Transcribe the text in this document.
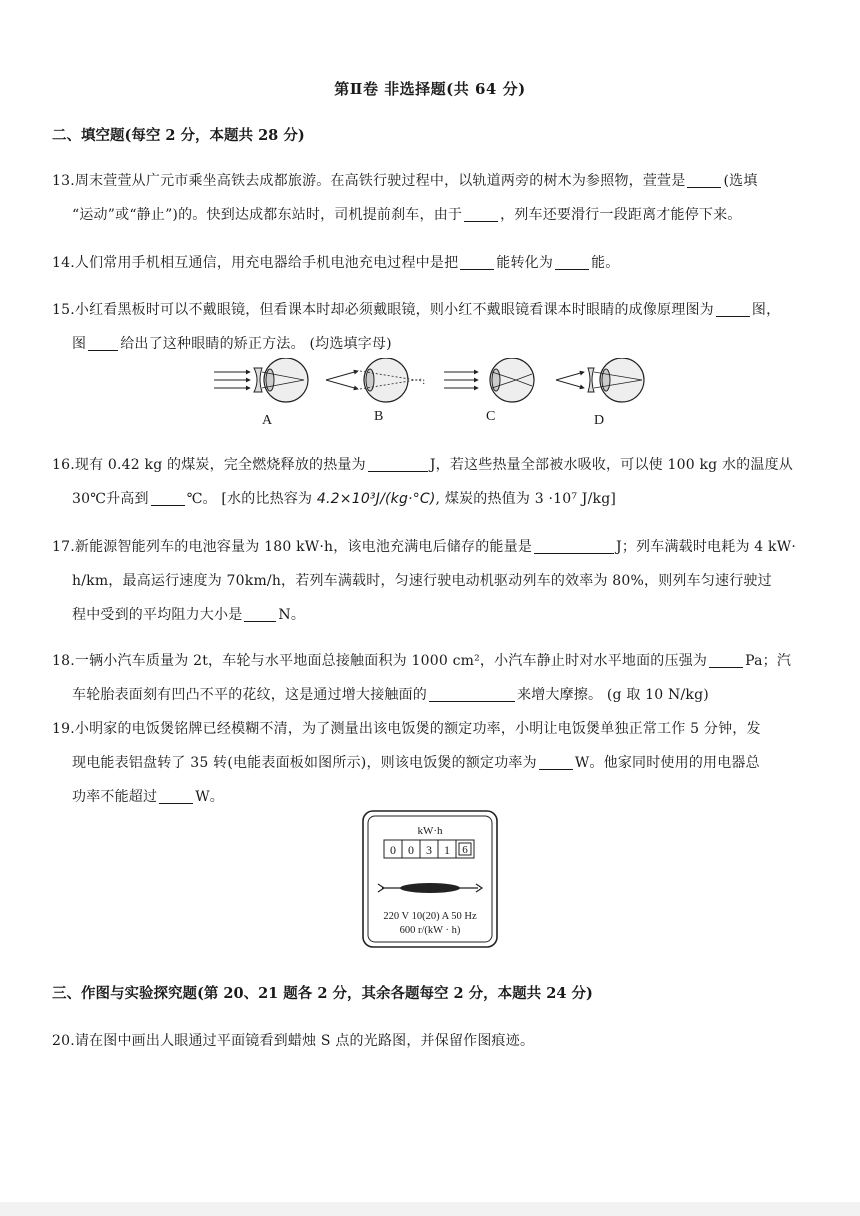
第Ⅱ卷 非选择题(共 64 分)
二、填空题(每空 2 分，本题共 28 分)
13.周末萱萱从广元市乘坐高铁去成都旅游。在高铁行驶过程中，以轨道两旁的树木为参照物，萱萱是	(选填
“运动”或“静止”)的。快到达成都东站时，司机提前刹车，由于	，列车还要滑行一段距离才能停下来。
14.人们常用手机相互通信，用充电器给手机电池充电过程中是把	能转化为	能。
15.小红看黑板时可以不戴眼镜，但看课本时却必须戴眼镜，则小红不戴眼镜看课本时眼睛的成像原理图为	图，
图 给出了这种眼睛的矫正方法。 (均选填字母)
:
A	B	C	D
16.现有 0.42 kg 的煤炭，完全燃烧释放的热量为	J，若这些热量全部被水吸收，可以使 100 kg 水的温度从
30℃升高到	℃。 [水的比热容为 4.2×10³J/(kg·°C), 煤炭的热值为 3 ·10⁷ J/kg]
17.新能源智能列车的电池容量为 180 kW·h，该电池充满电后储存的能量是	J；列车满载时电耗为 4 kW·
h/km，最高运行速度为 70km/h，若列车满载时，匀速行驶电动机驱动列车的效率为 80%，则列车匀速行驶过
程中受到的平均阻力大小是	N。
18.一辆小汽车质量为 2t，车轮与水平地面总接触面积为 1000 cm²，小汽车静止时对水平地面的压强为	Pa；汽
车轮胎表面刻有凹凸不平的花纹，这是通过增大接触面的	来增大摩擦。 (g 取 10 N/kg)
19.小明家的电饭煲铭牌已经模糊不清，为了测量出该电饭煲的额定功率，小明让电饭煲单独正常工作 5 分钟，发
现电能表铝盘转了 35 转(电能表面板如图所示)，则该电饭煲的额定功率为	W。他家同时使用的用电器总
功率不能超过	W。
kW·h
0 0 3 1 6
220 V 10(20) A 50 Hz
600 r/(kW · h)
三、作图与实验探究题(第 20、21 题各 2 分，其余各题每空 2 分，本题共 24 分)
20.请在图中画出人眼通过平面镜看到蜡烛 S 点的光路图，并保留作图痕迹。
